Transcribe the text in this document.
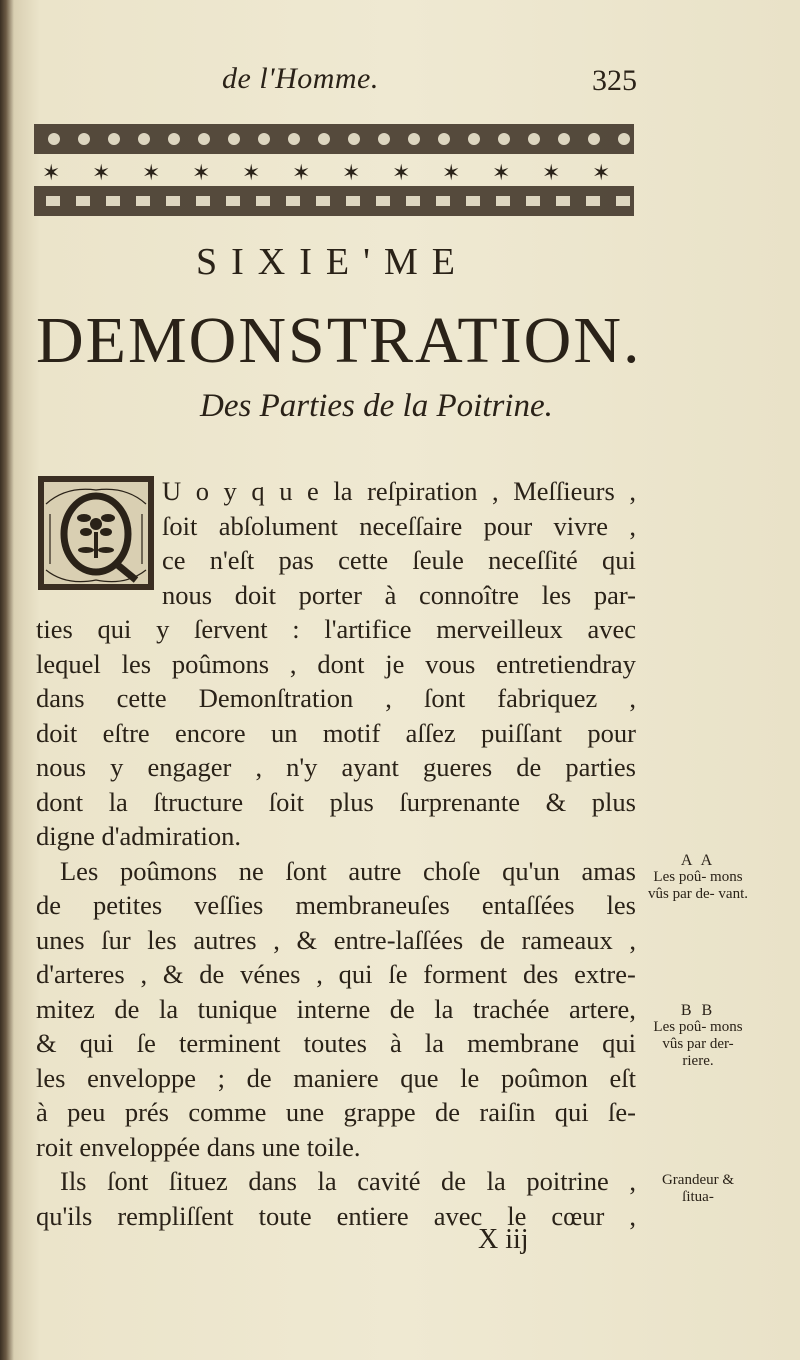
de l'Homme.	325
✶ ✶ ✶ ✶ ✶ ✶ ✶ ✶ ✶ ✶ ✶ ✶
SIXIE'ME
DEMONSTRATION.
Des Parties de la Poitrine.
U o y q u e la reſpiration , Meſſieurs ,
ſoit abſolument neceſſaire pour vivre ,
ce n'eſt pas cette ſeule neceſſité qui
nous doit porter à connoître les par-
ties qui y ſervent : l'artifice merveilleux avec
lequel les poûmons , dont je vous entretiendray
dans cette Demonſtration , ſont fabriquez ,
doit eſtre encore un motif aſſez puiſſant pour
nous y engager , n'y ayant gueres de parties
dont la ſtructure ſoit plus ſurprenante & plus
digne d'admiration.
Les poûmons ne ſont autre choſe qu'un amas
de petites veſſies membraneuſes entaſſées les
unes ſur les autres , & entre-laſſées de rameaux ,
d'arteres , & de vénes , qui ſe forment des extre-
mitez de la tunique interne de la trachée artere,
& qui ſe terminent toutes à la membrane qui
les enveloppe ; de maniere que le poûmon eſt
à peu prés comme une grappe de raiſin qui ſe-
roit enveloppée dans une toile.
Ils ſont ſituez dans la cavité de la poitrine ,
qu'ils rempliſſent toute entiere avec le cœur ,
A A
Les poû- mons vûs par de- vant.
B B
Les poû- mons vûs par der- riere.
Grandeur & ſitua-
X iij
